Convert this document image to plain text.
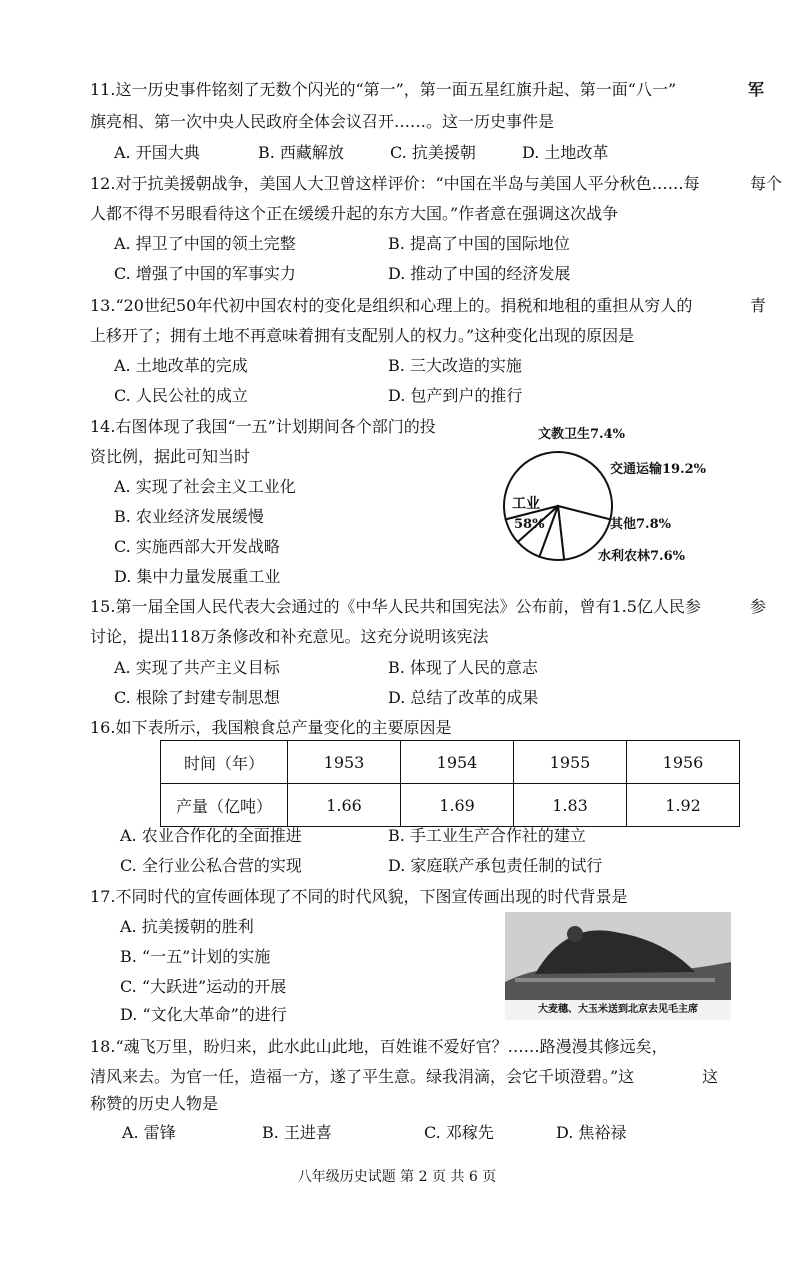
11.这一历史事件铭刻了无数个闪光的“第一”，第一面五星红旗升起、第一面“八一”
旗亮相、第一次中央人民政府全体会议召开……。这一历史事件是
A. 开国大典	B. 西藏解放	C. 抗美援朝	D. 土地改革
12.对于抗美援朝战争，美国人大卫曾这样评价：“中国在半岛与美国人平分秋色……每
人都不得不另眼看待这个正在缓缓升起的东方大国。”作者意在强调这次战争
A. 捍卫了中国的领土完整	B. 提高了中国的国际地位
C. 增强了中国的军事实力	D. 推动了中国的经济发展
13.“20世纪50年代初中国农村的变化是组织和心理上的。捐税和地租的重担从穷人的
上移开了；拥有土地不再意味着拥有支配别人的权力。”这种变化出现的原因是
A. 土地改革的完成	B. 三大改造的实施
C. 人民公社的成立	D. 包产到户的推行
14.右图体现了我国“一五”计划期间各个部门的投
资比例，据此可知当时
A. 实现了社会主义工业化
B. 农业经济发展缓慢
C. 实施西部大开发战略
D. 集中力量发展重工业
文教卫生7.4%
交通运输19.2%
工业
58%	其他7.8%
水利农林7.6%
15.第一届全国人民代表大会通过的《中华人民共和国宪法》公布前，曾有1.5亿人民参
讨论，提出118万条修改和补充意见。这充分说明该宪法
A. 实现了共产主义目标	B. 体现了人民的意志
C. 根除了封建专制思想	D. 总结了改革的成果
16.如下表所示，我国粮食总产量变化的主要原因是
时间（年）	1953	1954	1955	1956
产量（亿吨）	1.66	1.69	1.83	1.92
A. 农业合作化的全面推进	B. 手工业生产合作社的建立
C. 全行业公私合营的实现	D. 家庭联产承包责任制的试行
17.不同时代的宣传画体现了不同的时代风貌，下图宣传画出现的时代背景是
A. 抗美援朝的胜利
B. “一五”计划的实施
C. “大跃进”运动的开展
D. “文化大革命”的进行	大麦穗、大玉米送到北京去见毛主席
18.“魂飞万里，盼归来，此水此山此地，百姓谁不爱好官？……路漫漫其修远矣，
清风来去。为官一任，造福一方，遂了平生意。绿我涓滴，会它千顷澄碧。”这
称赞的历史人物是
A. 雷锋	B. 王进喜	C. 邓稼先	D. 焦裕禄
军
每个
青
参
这
八年级历史试题 第 2 页 共 6 页
